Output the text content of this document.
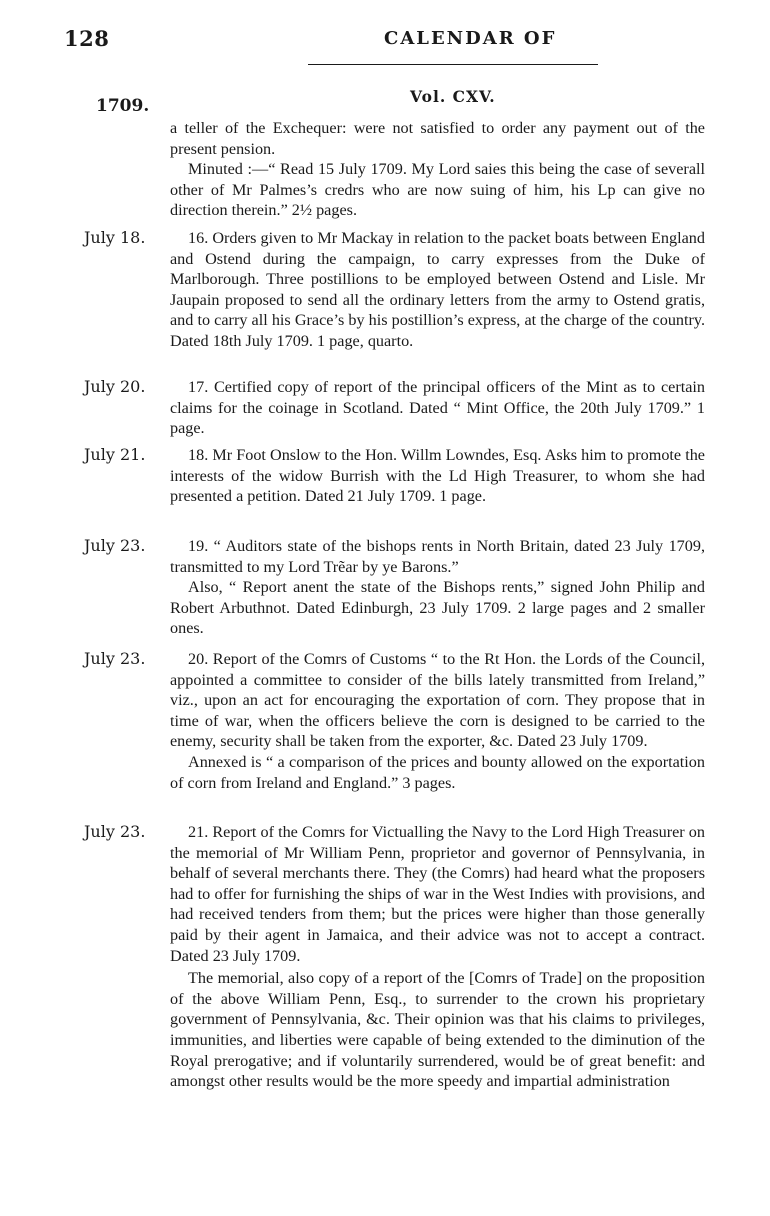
128	CALENDAR OF
Vol. CXV.
1709.

a teller of the Exchequer: were not satisfied to order any payment out of the present pension.

Minuted :—“ Read 15 July 1709. My Lord saies this being the case of severall other of Mr Palmes’s credrs who are now suing of him, his Lp can give no direction therein.” 2½ pages.

July 18.	16. Orders given to Mr Mackay in relation to the packet boats between England and Ostend during the campaign, to carry expresses from the Duke of Marlborough. Three postillions to be employed between Ostend and Lisle. Mr Jaupain proposed to send all the ordinary letters from the army to Ostend gratis, and to carry all his Grace’s by his postillion’s express, at the charge of the country. Dated 18th July 1709. 1 page, quarto.

July 20.	17. Certified copy of report of the principal officers of the Mint as to certain claims for the coinage in Scotland. Dated “ Mint Office, the 20th July 1709.” 1 page.

July 21.	18. Mr Foot Onslow to the Hon. Willm Lowndes, Esq. Asks him to promote the interests of the widow Burrish with the Ld High Treasurer, to whom she had presented a petition. Dated 21 July 1709. 1 page.

July 23.	19. “ Auditors state of the bishops rents in North Britain, dated 23 July 1709, transmitted to my Lord Trẽar by ye Barons.”

Also, “ Report anent the state of the Bishops rents,” signed John Philip and Robert Arbuthnot. Dated Edinburgh, 23 July 1709. 2 large pages and 2 smaller ones.

July 23.	20. Report of the Comrs of Customs “ to the Rt Hon. the Lords of the Council, appointed a committee to consider of the bills lately transmitted from Ireland,” viz., upon an act for encouraging the exportation of corn. They propose that in time of war, when the officers believe the corn is designed to be carried to the enemy, security shall be taken from the exporter, &c. Dated 23 July 1709.

Annexed is “ a comparison of the prices and bounty allowed on the exportation of corn from Ireland and England.” 3 pages.

July 23.	21. Report of the Comrs for Victualling the Navy to the Lord High Treasurer on the memorial of Mr William Penn, proprietor and governor of Pennsylvania, in behalf of several merchants there. They (the Comrs) had heard what the proposers had to offer for furnishing the ships of war in the West Indies with provisions, and had received tenders from them; but the prices were higher than those generally paid by their agent in Jamaica, and their advice was not to accept a contract. Dated 23 July 1709.

The memorial, also copy of a report of the [Comrs of Trade] on the proposition of the above William Penn, Esq., to surrender to the crown his proprietary government of Pennsylvania, &c. Their opinion was that his claims to privileges, immunities, and liberties were capable of being extended to the diminution of the Royal prerogative; and if voluntarily surrendered, would be of great benefit: and amongst other results would be the more speedy and impartial administration
